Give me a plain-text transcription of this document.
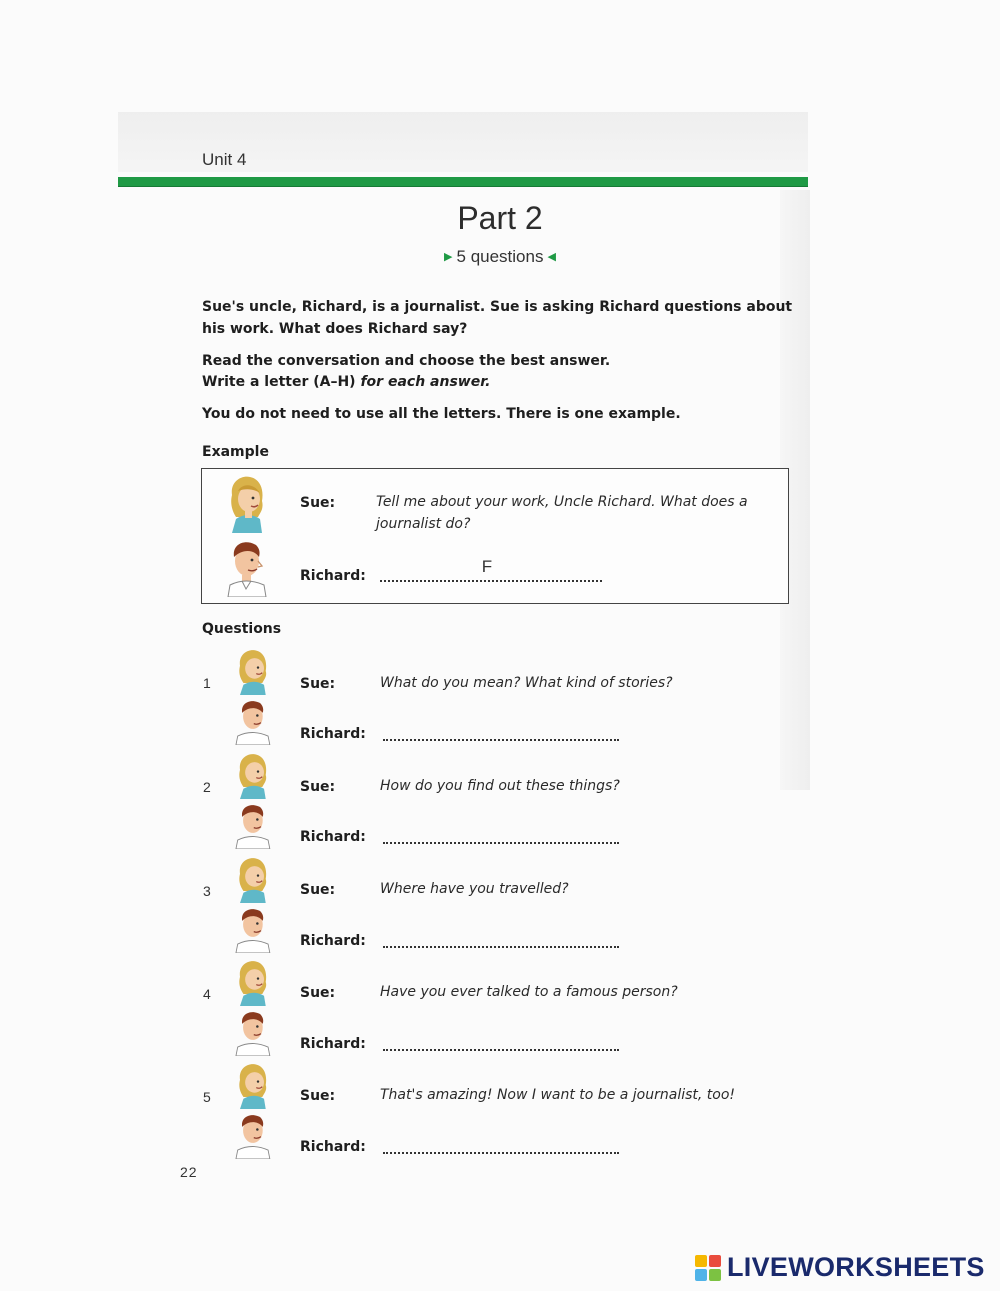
Unit 4
Part 2
▶ 5 questions ◀
Sue's uncle, Richard, is a journalist. Sue is asking Richard questions about his work. What does Richard say?
Read the conversation and choose the best answer.
Write a letter (A–H) for each answer.
You do not need to use all the letters. There is one example.
Example
Sue:	Tell me about your work, Uncle Richard. What does a journalist do?
Richard:	F
Questions
1	Sue:	What do you mean? What kind of stories?
Richard:
2	Sue:	How do you find out these things?
Richard:
3	Sue:	Where have you travelled?
Richard:
4	Sue:	Have you ever talked to a famous person?
Richard:
5	Sue:	That's amazing! Now I want to be a journalist, too!
Richard:
22
LIVEWORKSHEETS
